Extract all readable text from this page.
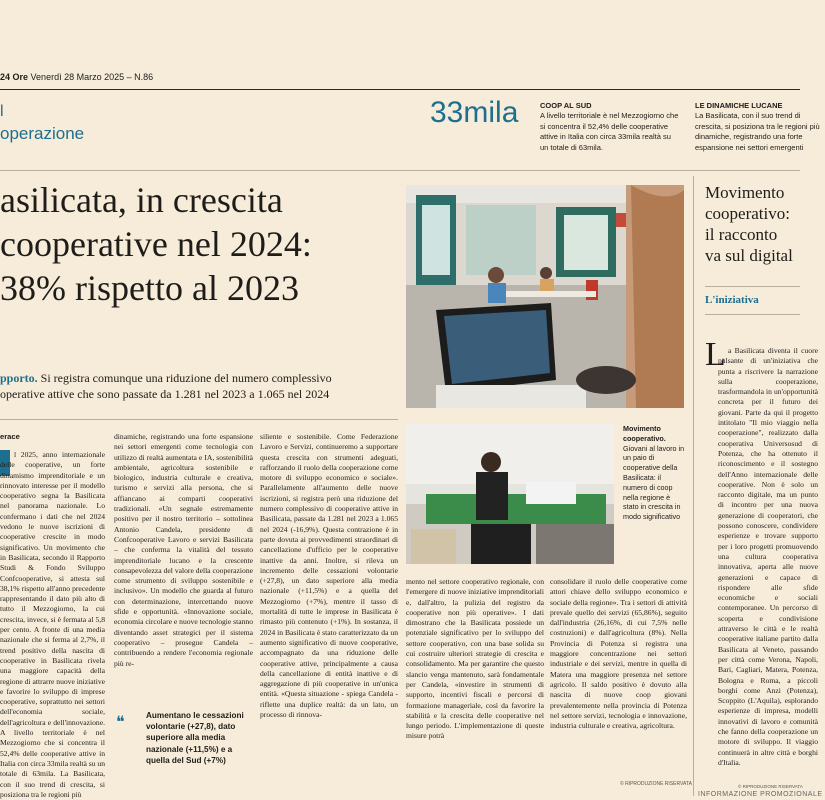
24 Ore Venerdì 28 Marzo 2025 – N.86
l
operazione
33mila	COOP AL SUD
A livello territoriale è nel Mezzogiorno che si concentra il 52,4% delle cooperative attive in Italia con circa 33mila realtà su un totale di 63mila.
LE DINAMICHE LUCANE
La Basilicata, con il suo trend di crescita, si posiziona tra le regioni più dinamiche, registrando una forte espansione nei settori emergenti
asilicata, in crescita
cooperative nel 2024:
38% rispetto al 2023
pporto. Si registra comunque una riduzione del numero complessivo
operative attive che sono passate da 1.281 nel 2023 a 1.065 nel 2024
Movimento cooperativo.
Giovani al lavoro in un paio di cooperative della Basilicata: il numero di coop nella regione è stato in crescita in modo significativo
Movimento
cooperativo:
il racconto
va sul digital
L'iniziativa
L a Basilicata diventa il cuore pulsante di un'iniziativa che punta a riscrivere la narrazione sulla cooperazione, trasformandola in un'opportunità concreta per il futuro dei giovani. Parte da qui il progetto intitolato "Il mio viaggio nella cooperazione", realizzato dalla cooperativa Universosud di Potenza, che ha ottenuto il riconoscimento e il sostegno dell'Anno internazionale delle cooperative. Non è solo un racconto digitale, ma un punto di incontro per una nuova generazione di cooperatori, che possono conoscere, condividere esperienze e trovare supporto per i loro progetti promuovendo una cultura cooperativa innovativa, aperta alle nuove generazioni e capace di rispondere alle sfide economiche e sociali contemporanee. Un percorso di scoperta e condivisione attraverso le città e le realtà cooperative italiane partito dalla Basilicata al Veneto, passando per città come Verona, Napoli, Bari, Cagliari, Matera, Potenza, Bologna e Roma, a piccoli borghi come Anzi (Potenza), Scoppito (L'Aquila), esplorando esperienze di impresa, modelli innovativi di lavoro e comunità che fanno della cooperazione un motore di sviluppo. Il viaggio continuerà in altre città e borghi d'Italia.
erace
l 2025, anno internazionale delle cooperative, un forte dinamismo imprenditoriale e un rinnovato interesse per il modello cooperativo segna la Basilicata nel panorama nazionale. Lo confermano i dati che nel 2024 vedono le nuove iscrizioni di cooperative crescite in modo significativo. Un movimento che in Basilicata, secondo il Rapporto Studi & Fondo Sviluppo Confcooperative, si attesta sul 38,1% rispetto all'anno precedente rappresentando il dato più alto di tutto il Mezzogiorno, la cui crescita, invece, si è fermata al 5,8 per cento. A fronte di una media nazionale che si ferma al 2,7%, il trend positivo della nascita di cooperative in Basilicata rivela una maggiore capacità della regione di attrarre nuove iniziative e favorire lo sviluppo di imprese cooperative, soprattutto nei settori dell'economia sociale, dell'agricoltura e dell'innovazione. A livello territoriale è nel Mezzogiorno che si concentra il 52,4% delle cooperative attive in Italia con circa 33mila realtà su un totale di 63mila. La Basilicata, con il suo trend di crescita, si posiziona tra le regioni più
dinamiche, registrando una forte espansione nei settori emergenti come tecnologia con utilizzo di realtà aumentata e IA, sostenibilità ambientale, agricoltura sostenibile e biologico, industria culturale e creativa, turismo e servizi alla persona, che si affiancano ai comparti cooperativi tradizionali. «Un segnale estremamente positivo per il nostro territorio – sottolinea Antonio Candela, presidente di Confcooperative Lavoro e servizi Basilicata – che conferma la vitalità del tessuto imprenditoriale lucano e la crescente consapevolezza del valore della cooperazione come strumento di sviluppo sostenibile e inclusivo». Un modello che guarda al futuro con determinazione, intercettando nuove sfide e opportunità. «Innovazione sociale, economia circolare e nuove tecnologie stanno diventando asset strategici per il sistema cooperativo – prosegue Candela – contribuendo a rendere l'economia regionale più re-
siliente e sostenibile. Come Federazione Lavoro e Servizi, continueremo a supportare questa crescita con strumenti adeguati, rafforzando il ruolo della cooperazione come motore di sviluppo economico e sociale». Parallelamente all'aumento delle nuove iscrizioni, si registra però una riduzione del numero complessivo di cooperative attive in Basilicata, passate da 1.281 nel 2023 a 1.065 nel 2024 (-16,9%). Questa contrazione è in parte dovuta ai provvedimenti straordinari di cancellazione d'ufficio per le cooperative inattive da anni. Inoltre, si rileva un incremento delle cessazioni volontarie (+27,8), un dato superiore alla media nazionale (+11,5%) e a quella del Mezzogiorno (+7%), mentre il tasso di mortalità di tutte le imprese in Basilicata è rimasto più contenuto (+1%). In sostanza, il 2024 in Basilicata è stato caratterizzato da un aumento significativo di nuove cooperative, accompagnato da una riduzione delle cooperative attive, principalmente a causa della cancellazione di entità inattive e di aggregazione di più cooperative in un'unica entità. «Questa situazione - spiega Candela - riflette una duplice realtà: da un lato, un processo di rinnova-
mento nel settore cooperativo regionale, con l'emergere di nuove iniziative imprenditoriali e, dall'altro, la pulizia del registro da cooperative non più operative». I dati dimostrano che la Basilicata possiede un potenziale significativo per lo sviluppo del settore cooperativo, con una base solida su cui costruire ulteriori strategie di crescita e consolidamento. Ma per garantire che questo slancio venga mantenuto, sarà fondamentale per Candela, «investire in strumenti di supporto, incentivi fiscali e percorsi di formazione manageriale, così da favorire la stabilità e la crescita delle cooperative nel lungo periodo. L'implementazione di queste misure potrà
consolidare il ruolo delle cooperative come attori chiave dello sviluppo economico e sociale della regione». Tra i settori di attività prevale quello dei servizi (65,86%), seguito dall'industria (26,16%, di cui 7,5% nelle costruzioni) e dall'agricoltura (8%). Nella Provincia di Potenza si registra una maggiore concentrazione nei settori industriale e dei servizi, mentre in quella di Matera una maggiore presenza nel settore agricolo. Il saldo positivo è dovuto alla nascita di nuove coop giovani prevalentemente nella provincia di Potenza nel settore servizi, tecnologia e innovazione, industria culturale e creativa, agricoltura.
❝	Aumentano le cessazioni volontarie (+27,8), dato superiore alla media nazionale (+11,5%) e a quella del Sud (+7%)
© RIPRODUZIONE RISERVATA	© RIPRODUZIONE RISERVATA
INFORMAZIONE PROMOZIONALE
